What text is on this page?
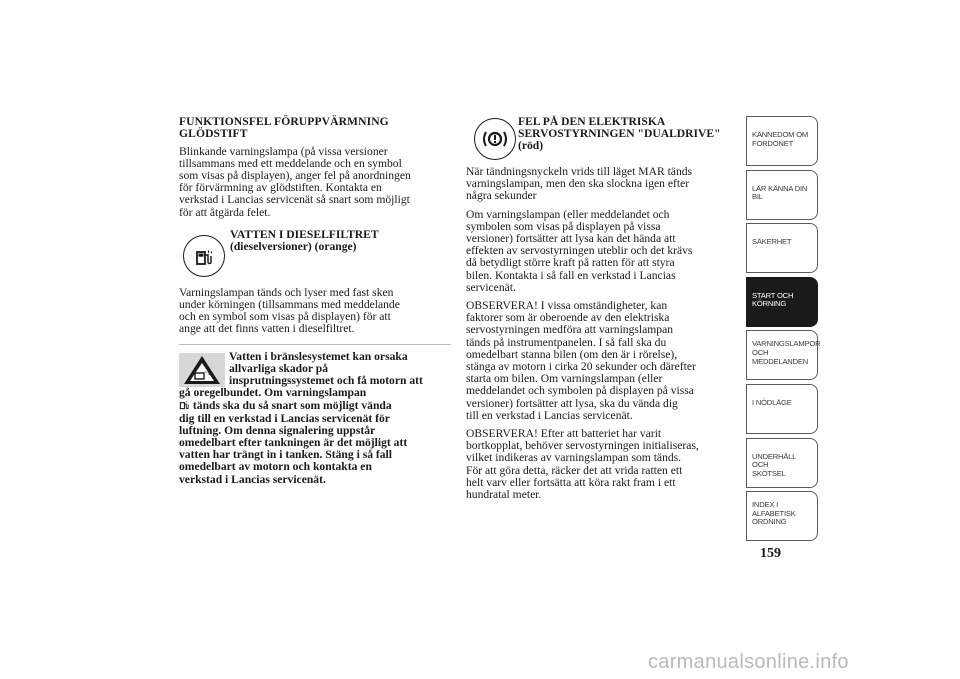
FUNKTIONSFEL FÖRUPPVÄRMNING
GLÖDSTIFT
Blinkande varningslampa (på vissa versioner
tillsammans med ett meddelande och en symbol
som visas på displayen), anger fel på anordningen
för förvärmning av glödstiften. Kontakta en
verkstad i Lancias servicenät så snart som möjligt
för att åtgärda felet.
VATTEN I DIESELFILTRET
(dieselversioner) (orange)
Varningslampan tänds och lyser med fast sken
under körningen (tillsammans med meddelande
och en symbol som visas på displayen) för att
ange att det finns vatten i dieselfiltret.
Vatten i bränslesystemet kan orsaka
allvarliga skador på
insprutningssystemet och få motorn att
gå oregelbundet. Om varningslampan
tänds ska du så snart som möjligt vända
dig till en verkstad i Lancias servicenät för
luftning. Om denna signalering uppstår
omedelbart efter tankningen är det möjligt att
vatten har trängt in i tanken. Stäng i så fall
omedelbart av motorn och kontakta en
verkstad i Lancias servicenät.
FEL PÅ DEN ELEKTRISKA
SERVOSTYRNINGEN "DUALDRIVE"
(röd)
När tändningsnyckeln vrids till läget MAR tänds
varningslampan, men den ska slockna igen efter
några sekunder
Om varningslampan (eller meddelandet och
symbolen som visas på displayen på vissa
versioner) fortsätter att lysa kan det hända att
effekten av servostyrningen uteblir och det krävs
då betydligt större kraft på ratten för att styra
bilen. Kontakta i så fall en verkstad i Lancias
servicenät.
OBSERVERA! I vissa omständigheter, kan
faktorer som är oberoende av den elektriska
servostyrningen medföra att varningslampan
tänds på instrumentpanelen. I så fall ska du
omedelbart stanna bilen (om den är i rörelse),
stänga av motorn i cirka 20 sekunder och därefter
starta om bilen. Om varningslampan (eller
meddelandet och symbolen på displayen på vissa
versioner) fortsätter att lysa, ska du vända dig
till en verkstad i Lancias servicenät.
OBSERVERA! Efter att batteriet har varit
bortkopplat, behöver servostyrningen initialiseras,
vilket indikeras av varningslampan som tänds.
För att göra detta, räcker det att vrida ratten ett
helt varv eller fortsätta att köra rakt fram i ett
hundratal meter.
KÄNNEDOM OM
FORDONET
LÄR KÄNNA DIN
BIL
SÄKERHET
START OCH
KÖRNING
VARNINGSLAMPOR
OCH
MEDDELANDEN
I NÖDLÄGE
UNDERHÅLL OCH
SKÖTSEL
INDEX I
ALFABETISK
ORDNING
159
carmanualsonline.info
